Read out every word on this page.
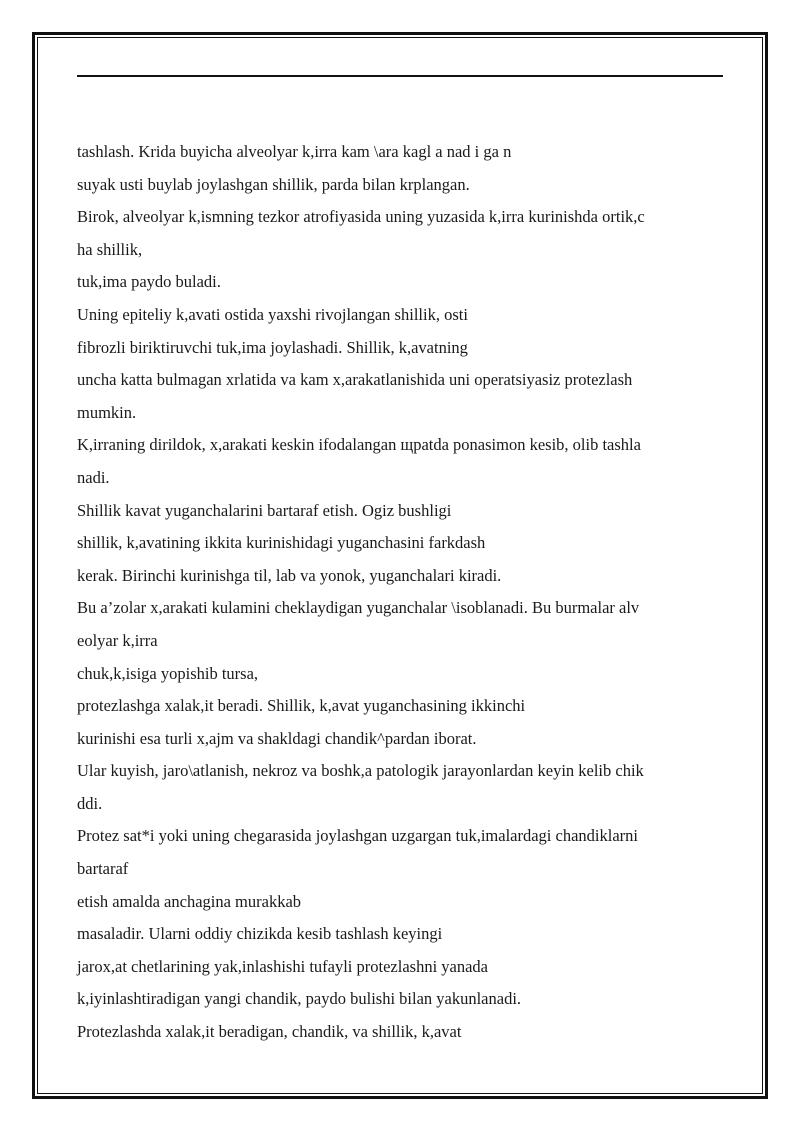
tashlash. Krida buyicha alveolyar k,irra kam \ara kagl a nad i ga n
suyak usti buylab joylashgan shillik, parda bilan krplangan.
Birok, alveolyar k,ismning tezkor atrofiyasida uning yuzasida k,irra kurinishda ortik,c
ha shillik,
tuk,ima paydo buladi.
Uning epiteliy k,avati ostida yaxshi rivojlangan shillik, osti
fibrozli biriktiruvchi tuk,ima joylashadi. Shillik, k,avatning
uncha katta bulmagan xrlatida va kam x,arakatlanishida uni operatsiyasiz protezlash
mumkin.
K,irraning dirildok, x,arakati keskin ifodalangan щpatda ponasimon kesib, olib tashla
nadi.
Shillik kavat yuganchalarini bartaraf etish. Ogiz bushligi
shillik, k,avatining ikkita kurinishidagi yuganchasini farkdash
kerak. Birinchi kurinishga til, lab va yonok, yuganchalari kiradi.
Bu a’zolar x,arakati kulamini cheklaydigan yuganchalar \isoblanadi. Bu burmalar alv
eolyar k,irra
chuk,k,isiga yopishib tursa,
protezlashga xalak,it beradi. Shillik, k,avat yuganchasining ikkinchi
kurinishi esa turli x,ajm va shakldagi chandik^pardan iborat.
Ular kuyish, jaro\atlanish, nekroz va boshk,a patologik jarayonlardan keyin kelib chik
ddi.
Protez sat*i yoki uning chegarasida joylashgan uzgargan tuk,imalardagi chandiklarni
bartaraf
etish amalda anchagina murakkab
masaladir. Ularni oddiy chizikda kesib tashlash keyingi
jarox,at chetlarining yak,inlashishi tufayli protezlashni yanada
k,iyinlashtiradigan yangi chandik, paydo bulishi bilan yakunlanadi.
Protezlashda xalak,it beradigan, chandik, va shillik, k,avat
